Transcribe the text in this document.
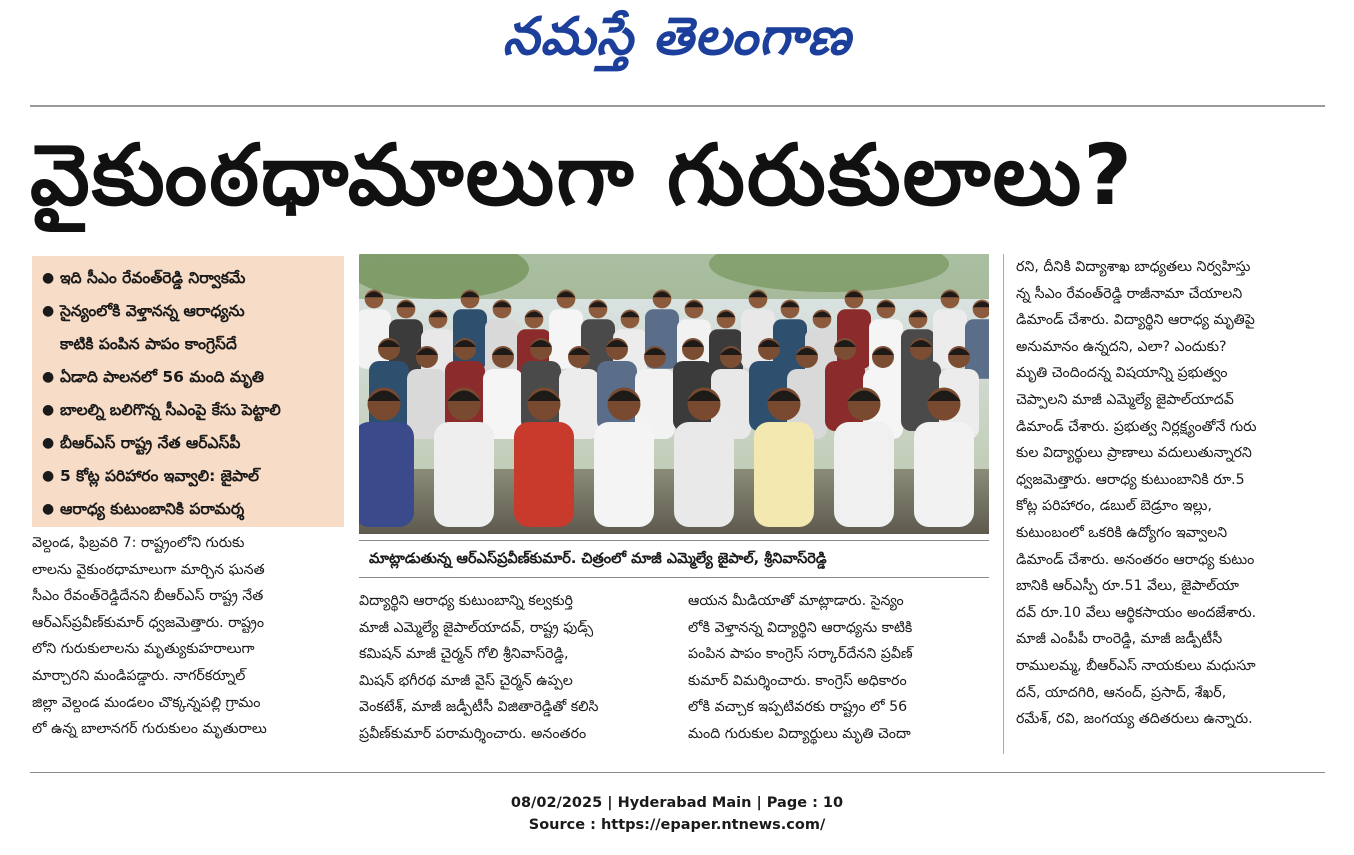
నమస్తే తెలంగాణ
వైకుంఠధామాలుగా గురుకులాలు?
● ఇది సీఎం రేవంత్‌రెడ్డి నిర్వాకమే
● సైన్యంలోకి వెళ్తానన్న ఆరాధ్యను
కాటికి పంపిన పాపం కాంగ్రెస్‌దే
● ఏడాది పాలనలో 56 మంది మృతి
● బాలల్ని బలిగొన్న సీఎంపై కేసు పెట్టాలి
● బీఆర్‌ఎస్ రాష్ట్ర నేత ఆర్‌ఎస్‌పీ
● 5 కోట్ల పరిహారం ఇవ్వాలి: జైపాల్
● ఆరాధ్య కుటుంబానికి పరామర్శ
మాట్లాడుతున్న ఆర్‌ఎస్‌ప్రవీణ్‌కుమార్. చిత్రంలో మాజీ ఎమ్మెల్యే జైపాల్, శ్రీనివాస్‌రెడ్డి

వెల్దండ, ఫిబ్రవరి 7: రాష్ట్రంలోని గురుకు

లాలను వైకుంఠధామాలుగా మార్చిన ఘనత

సీఎం రేవంత్‌రెడ్డిదేనని బీఆర్‌ఎస్ రాష్ట్ర నేత

ఆర్‌ఎస్‌ప్రవీణ్‌కుమార్ ధ్వజమెత్తారు. రాష్ట్రం

లోని గురుకులాలను మృత్యుకుహరాలుగా

మార్చారని మండిపడ్డారు. నాగర్‌కర్నూల్

జిల్లా వెల్దండ మండలం చొక్కన్నపల్లి గ్రామం

లో ఉన్న బాలానగర్ గురుకులం మృతురాలు

విద్యార్థిని ఆరాధ్య కుటుంబాన్ని కల్వకుర్తి

మాజీ ఎమ్మెల్యే జైపాల్‌యాదవ్, రాష్ట్ర ఫుడ్స్

కమిషన్ మాజీ చైర్మన్ గోలి శ్రీనివాస్‌రెడ్డి,

మిషన్ భగీరథ మాజీ వైస్ చైర్మన్ ఉప్పల

వెంకటేశ్, మాజీ జడ్పీటీసీ విజితారెడ్డితో కలిసి

ప్రవీణ్‌కుమార్ పరామర్శించారు. అనంతరం

ఆయన మీడియాతో మాట్లాడారు. సైన్యం

లోకి వెళ్తానన్న విద్యార్థిని ఆరాధ్యను కాటికి

పంపిన పాపం కాంగ్రెస్ సర్కార్‌దేనని ప్రవీణ్

కుమార్ విమర్శించారు. కాంగ్రెస్ అధికారం

లోకి వచ్చాక ఇప్పటివరకు రాష్ట్రం లో 56

మంది గురుకుల విద్యార్థులు మృతి చెందా

రని, దీనికి విద్యాశాఖ బాధ్యతలు నిర్వహిస్తు

న్న సీఎం రేవంత్‌రెడ్డి రాజీనామా చేయాలని

డిమాండ్ చేశారు. విద్యార్థిని ఆరాధ్య మృతిపై

అనుమానం ఉన్నదని, ఎలా? ఎందుకు?

మృతి చెందిందన్న విషయాన్ని ప్రభుత్వం

చెప్పాలని మాజీ ఎమ్మెల్యే జైపాల్‌యాదవ్

డిమాండ్ చేశారు. ప్రభుత్వ నిర్లక్ష్యంతోనే గురు

కుల విద్యార్థులు ప్రాణాలు వదులుతున్నారని

ధ్వజమెత్తారు. ఆరాధ్య కుటుంబానికి రూ.5

కోట్ల పరిహారం, డబుల్ బెడ్రూం ఇల్లు,

కుటుంబంలో ఒకరికి ఉద్యోగం ఇవ్వాలని

డిమాండ్ చేశారు. అనంతరం ఆరాధ్య కుటుం

బానికి ఆర్‌ఎస్పీ రూ.51 వేలు, జైపాల్‌యా

దవ్ రూ.10 వేలు ఆర్థికసాయం అందజేశారు.

మాజీ ఎంపీపీ రాంరెడ్డి, మాజీ జడ్పీటీసీ

రాములమ్మ, బీఆర్‌ఎస్ నాయకులు మధుసూ

దన్, యాదగిరి, ఆనంద్, ప్రసాద్, శేఖర్,

రమేశ్, రవి, జంగయ్య తదితరులు ఉన్నారు.

08/02/2025 | Hyderabad Main | Page : 10
Source : https://epaper.ntnews.com/
